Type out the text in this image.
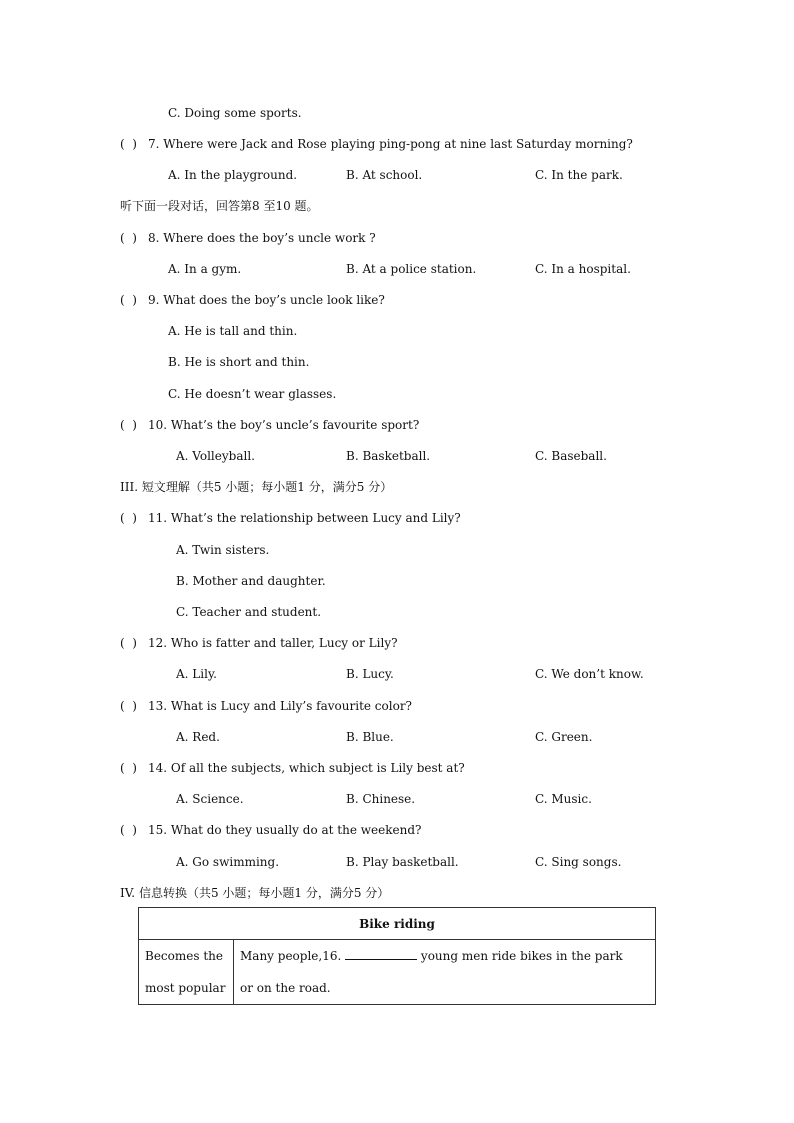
C. Doing some sports.
(  ) 7. Where were Jack and Rose playing ping-pong at nine last Saturday morning?
A. In the playground.	B. At school.	C. In the park.
听下面一段对话，回答第8 至10 题。
(  ) 8. Where does the boy’s uncle work ?
A. In a gym.	B. At a police station.	C. In a hospital.
(  ) 9. What does the boy’s uncle look like?
A. He is tall and thin.
B. He is short and thin.
C. He doesn’t wear glasses.
(  ) 10. What’s the boy’s uncle’s favourite sport?
A. Volleyball.	B. Basketball.	C. Baseball.
III. 短文理解（共5 小题；每小题1 分，满分5 分）
(  ) 11. What’s the relationship between Lucy and Lily?
A. Twin sisters.
B. Mother and daughter.
C. Teacher and student.
(  ) 12. Who is fatter and taller, Lucy or Lily?
A. Lily.	B. Lucy.	C. We don’t know.
(  ) 13. What is Lucy and Lily’s favourite color?
A. Red.	B. Blue.	C. Green.
(  ) 14. Of all the subjects, which subject is Lily best at?
A. Science.	B. Chinese.	C. Music.
(  ) 15. What do they usually do at the weekend?
A. Go swimming.	B. Play basketball.	C. Sing songs.
IV. 信息转换（共5 小题；每小题1 分，满分5 分）
Bike riding

Becomes the
most popular

Many people,16.	young men ride bikes in the park
or on the road.
